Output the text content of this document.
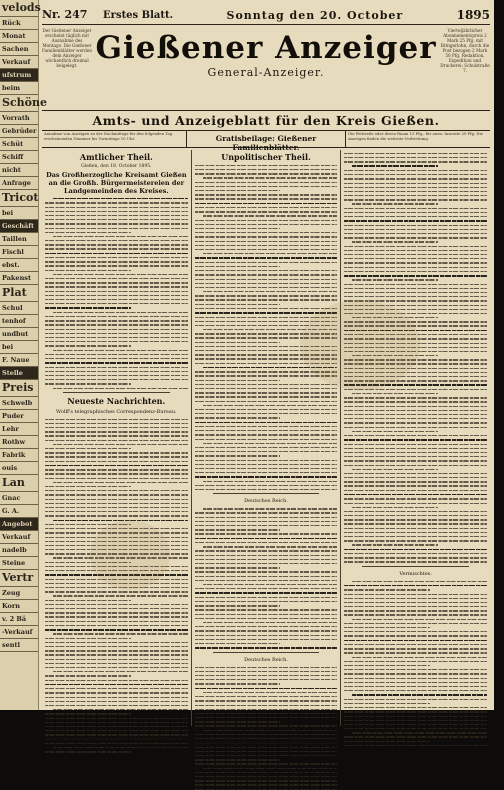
velods
Rück
Monat
Sachen
Verkauf
ufstrum
beim
Schöne
Vorrath
Gebrüder
Schüt
Schiff
nicht
Anfrage
Tricot
bei
Geschäft
Taillen
Fischl
ebst.
Pakenst
Plat
Schul
tenhof
undbut
bei
F. Naue
Stelle
Preis
Schwelb
Puder
Lehr
Rothw
Fabrik
ouis
Lan
Gnac
G. A.
Angebot
Verkauf
nadelb
Steine
Vertr
Zeug
Korn
v. 2 Bä
-Verkauf
sentl
Nr. 247 Erstes Blatt.	Sonntag den 20. October	1895
Der Gießener Anzeiger erscheint täglich mit Ausnahme des Montags. Die Gießener Familienblätter werden dem Anzeiger wöchentlich dreimal beigelegt. Gießener Anzeiger
General-Anzeiger.
Vierteljährlicher Abonnementspreis 2 Mark 25 Pfg. mit Bringerlohn, durch die Post bezogen 2 Mark 50 Pfg. Redaktion, Expedition und Druckerei: Schulstraße 7.
Amts- und Anzeigeblatt für den Kreis Gießen.
Annahme von Anzeigen zu der Nachmittags für den folgenden Tag erscheinenden Nummer bis Vormittags 10 Uhr.	Gratisbeilage: Gießener Familienblätter.
Die Petitzeile oder deren Raum 15 Pfg., für ausw. Inserate 20 Pfg. Die Anzeigen finden die weiteste Verbreitung.
Amtlicher Theil.
Gießen, den 18. October 1895.
Das Großherzogliche Kreisamt Gießen an die Großh. Bürgermeistereien der Landgemeinden des Kreises.
Neueste Nachrichten.
Wolff's telegraphisches Correspondenz-Bureau.
Unpolitischer Theil.
Deutsches Reich.
Deutsches Reich.
Vermischtes.
